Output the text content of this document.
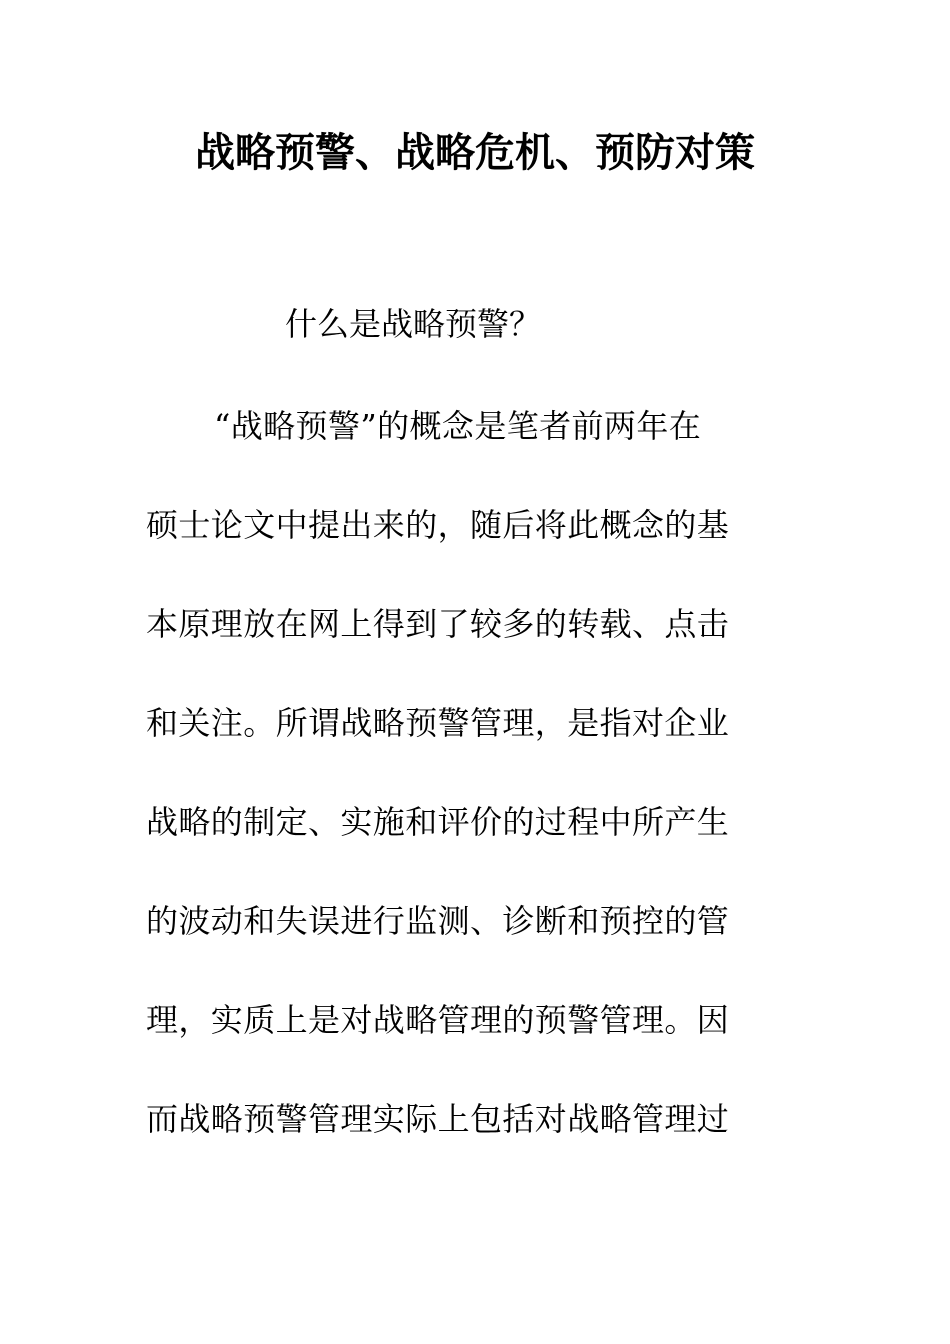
战略预警、战略危机、预防对策

什么是战略预警？

“战略预警”的概念是笔者前两年在
硕士论文中提出来的，随后将此概念的基
本原理放在网上得到了较多的转载、点击
和关注。所谓战略预警管理，是指对企业
战略的制定、实施和评价的过程中所产生
的波动和失误进行监测、诊断和预控的管
理，实质上是对战略管理的预警管理。因
而战略预警管理实际上包括对战略管理过
